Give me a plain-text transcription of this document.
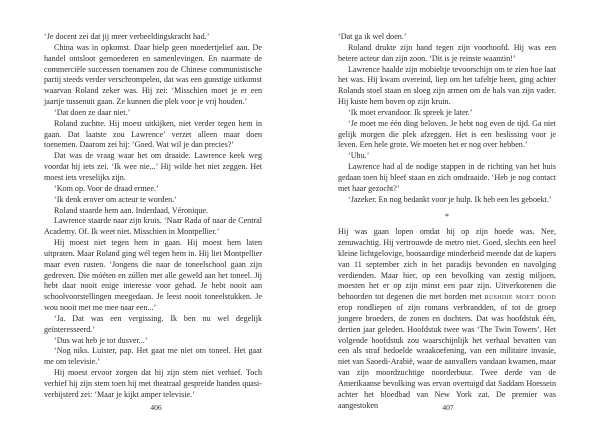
‘Je docent zei dat jij meer verbeeldingskracht had.’

China was in opkomst. Daar hielp geen moedertjelief aan. De handel ontsloot gemoederen en samenlevingen. En naarmate de commerciële successen toenamen zou de Chinese communistische partij steeds verder verschrompelen, dat was een gunstige uitkomst waarvan Roland zeker was. Hij zei: ‘Misschien moet je er een jaartje tussenuit gaan. Ze kunnen die plek voor je vrij houden.’

‘Dat doen ze daar niet.’

Roland zuchtte. Hij moest uitkijken, niet verder tegen hem in gaan. Dat laatste zou Lawrence’ verzet alleen maar doen toenemen. Daarom zei hij: ‘Goed. Wat wil je dan precies?’

Dat was de vraag waar het om draaide. Lawrence keek weg voordat hij iets zei. ‘Ik wee nie...’ Hij wilde het niet zeggen. Het moest iets vreselijks zijn.

‘Kom op. Voor de draad ermee.’

‘Ik denk erover om acteur te worden.’

Roland staarde hem aan. Inderdaad, Véronique.

Lawrence staarde naar zijn kruis. ‘Naar Rada of naar de Central Academy. Of. Ik weet niet. Misschien in Montpellier.’

Hij moest niet tegen hem in gaan. Hij moest hem laten uitpraten. Maar Roland ging wél tegen hem in. Hij liet Montpellier maar even rusten. ‘Jongens die naar de toneelschool gaan zijn gedreven. Die móéten en zúllen met alle geweld aan het toneel. Jij hebt daar nooit enige interesse voor gehad. Je hebt nooit aan schoolvoorstellingen meegedaan. Je leest nooit toneelstukken. Je wou nooit met me mee naar een...’

‘Ja. Dat was een vergissing. Ik ben nu wel degelijk geïnteresseerd.’

‘Dus wat heb je tot dusver...’

‘Nog niks. Luister, pap. Het gaat me niet om toneel. Het gaat me om televisie.’

Hij moest ervoor zorgen dat hij zijn stem niet verhief. Toch verhief hij zijn stem toen hij met theatraal gespreide handen quasi-verbijsterd zei: ‘Maar je kijkt amper televisie.’

406

‘Dat ga ik wel doen.’

Roland drukte zijn hand tegen zijn voorhoofd. Hij was een betere acteur dan zijn zoon. ‘Dit is je reinste waanzin!’

Lawrence haalde zijn mobieltje tevoorschijn om te zien hoe laat het was. Hij kwam overeind, liep om het tafeltje heen, ging achter Rolands stoel staan en sloeg zijn armen om de hals van zijn vader. Hij kuste hem boven op zijn kruin.

‘Ik moet ervandoor. Ik spreek je later.’

‘Je moet me één ding beloven. Je hebt nog even de tijd. Ga niet gelijk morgen die plek afzeggen. Het is een beslissing voor je leven. Een hele grote. We moeten het er nog over hebben.’

‘Uhu.’

Lawrence had al de nodige stappen in de richting van het huis gedaan toen hij bleef staan en zich omdraaide. ‘Heb je nog contact met haar gezocht?’

‘Jazeker. En nog bedankt voor je hulp. Ik heb een les geboekt.’

*

Hij was gaan lopen omdat hij op zijn hoede was. Nee, zenuwachtig. Hij vertrouwde de metro niet. Goed, slechts een heel kleine lichtgelovige, boosaardige minderheid meende dat de kapers van 11 september zich in het paradijs bevonden en navolging verdienden. Maar hier, op een bevolking van zestig miljoen, moesten het er op zijn minst een paar zijn. Uitverkorenen die behoorden tot degenen die met borden met rushdie moet dood erop rondliepen of zijn romans verbrandden, of tot de groep jongere broeders, de zonen en dochters. Dat was hoofdstuk één, dertien jaar geleden. Hoofdstuk twee was ‘The Twin Towers’. Het volgende hoofdstuk zou waarschijnlijk het verhaal bevatten van een als straf bedoelde wraakoefening, van een militaire invasie, niet van Saoedi-Arabië, waar de aanvallers vandaan kwamen, maar van zijn moordzuchtige noorderbuur. Twee derde van de Amerikaanse bevolking was ervan overtuigd dat Saddam Hoessein achter het bloedbad van New York zat. De premier was aangestoken	407
